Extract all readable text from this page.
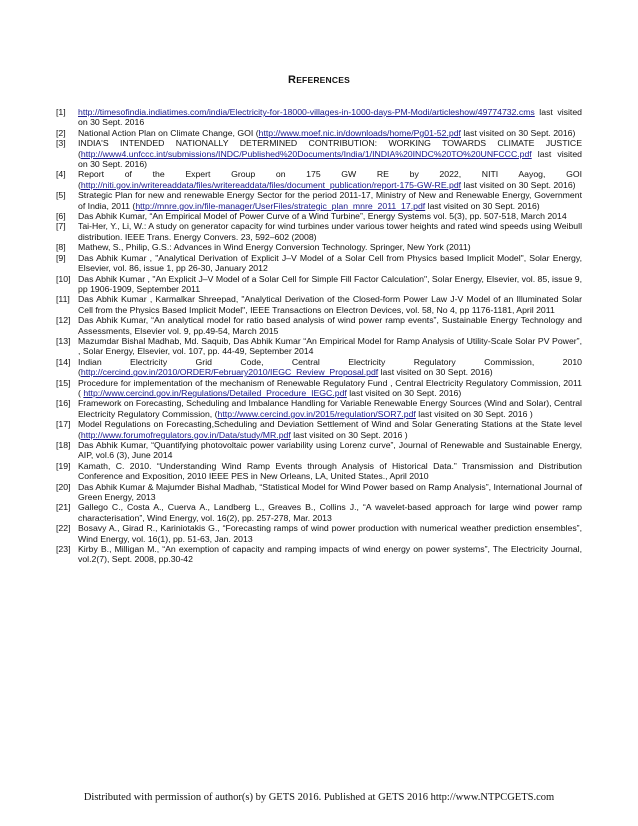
REFERENCES
[1]	http://timesofindia.indiatimes.com/india/Electricity-for-18000-villages-in-1000-days-PM-Modi/articleshow/49774732.cms last visited on 30 Sept. 2016
[2]	National Action Plan on Climate Change, GOI (http://www.moef.nic.in/downloads/home/Pg01-52.pdf last visited on 30 Sept. 2016)
[3]	INDIA'S INTENDED NATIONALLY DETERMINED CONTRIBUTION: WORKING TOWARDS CLIMATE JUSTICE (http://www4.unfccc.int/submissions/INDC/Published%20Documents/India/1/INDIA%20INDC%20TO%20UNFCCC.pdf last visited on 30 Sept. 2016)
[4]	Report of the Expert Group on 175 GW RE by 2022, NITI Aayog, GOI (http://niti.gov.in/writereaddata/files/writereaddata/files/document_publication/report-175-GW-RE.pdf last visited on 30 Sept. 2016)
[5]	Strategic Plan for new and renewable Energy Sector for the period 2011-17, Ministry of New and Renewable Energy, Government of India, 2011 (http://mnre.gov.in/file-manager/UserFiles/strategic_plan_mnre_2011_17.pdf last visited on 30 Sept. 2016)
[6]	Das Abhik Kumar, “An Empirical Model of Power Curve of a Wind Turbine”, Energy Systems vol. 5(3), pp. 507-518, March 2014
[7]	Tai-Her, Y., Li, W.: A study on generator capacity for wind turbines under various tower heights and rated wind speeds using Weibull distribution. IEEE Trans. Energy Convers. 23, 592–602 (2008)
[8]	Mathew, S., Philip, G.S.: Advances in Wind Energy Conversion Technology. Springer, New York (2011)
[9]	Das Abhik Kumar , "Analytical Derivation of Explicit J–V Model of a Solar Cell from Physics based Implicit Model", Solar Energy, Elsevier, vol. 86, issue 1, pp 26-30, January 2012
[10] Das Abhik Kumar , "An Explicit J–V Model of a Solar Cell for Simple Fill Factor Calculation", Solar Energy, Elsevier, vol. 85, issue 9, pp 1906-1909, September 2011
[11] Das Abhik Kumar , Karmalkar Shreepad, "Analytical Derivation of the Closed-form Power Law J-V Model of an Illuminated Solar Cell from the Physics Based Implicit Model", IEEE Transactions on Electron Devices, vol. 58, No 4, pp 1176-1181, April 2011
[12] Das Abhik Kumar, “An analytical model for ratio based analysis of wind power ramp events”, Sustainable Energy Technology and Assessments, Elsevier vol. 9, pp.49-54, March 2015
[13] Mazumdar Bishal Madhab, Md. Saquib, Das Abhik Kumar “An Empirical Model for Ramp Analysis of Utility-Scale Solar PV Power”, , Solar Energy, Elsevier, vol. 107, pp. 44-49, September 2014
[14] Indian Electricity Grid Code, Central Electricity Regulatory Commission, 2010 (http://cercind.gov.in/2010/ORDER/February2010/IEGC_Review_Proposal.pdf last visited on 30 Sept. 2016)
[15] Procedure for implementation of the mechanism of Renewable Regulatory Fund , Central Electricity Regulatory Commission, 2011 ( http://www.cercind.gov.in/Regulations/Detailed_Procedure_IEGC.pdf last visited on 30 Sept. 2016)
[16] Framework on Forecasting, Scheduling and Imbalance Handling for Variable Renewable Energy Sources (Wind and Solar), Central Electricity Regulatory Commission, (http://www.cercind.gov.in/2015/regulation/SOR7.pdf last visited on 30 Sept. 2016 )
[17] Model Regulations on Forecasting,Scheduling and Deviation Settlement of Wind and Solar Generating Stations at the State level (http://www.forumofregulators.gov.in/Data/study/MR.pdf last visited on 30 Sept. 2016 )
[18] Das Abhik Kumar, “Quantifying photovoltaic power variability using Lorenz curve”, Journal of Renewable and Sustainable Energy, AIP, vol.6 (3), June 2014
[19] Kamath, C. 2010. “Understanding Wind Ramp Events through Analysis of Historical Data.” Transmission and Distribution Conference and Exposition, 2010 IEEE PES in New Orleans, LA, United States., April 2010
[20] Das Abhik Kumar & Majumder Bishal Madhab, “Statistical Model for Wind Power based on Ramp Analysis”, International Journal of Green Energy, 2013
[21] Gallego C., Costa A., Cuerva A., Landberg L., Greaves B., Collins J., “A wavelet-based approach for large wind power ramp characterisation”, Wind Energy, vol. 16(2), pp. 257-278, Mar. 2013
[22] Bosavy A., Girad R., Kariniotakis G., “Forecasting ramps of wind power production with numerical weather prediction ensembles”, Wind Energy, vol. 16(1), pp. 51-63, Jan. 2013
[23] Kirby B., Milligan M., “An exemption of capacity and ramping impacts of wind energy on power systems”, The Electricity Journal, vol.2(7), Sept. 2008, pp.30-42
Distributed with permission of author(s) by GETS 2016. Published at GETS 2016 http://www.NTPCGETS.com
